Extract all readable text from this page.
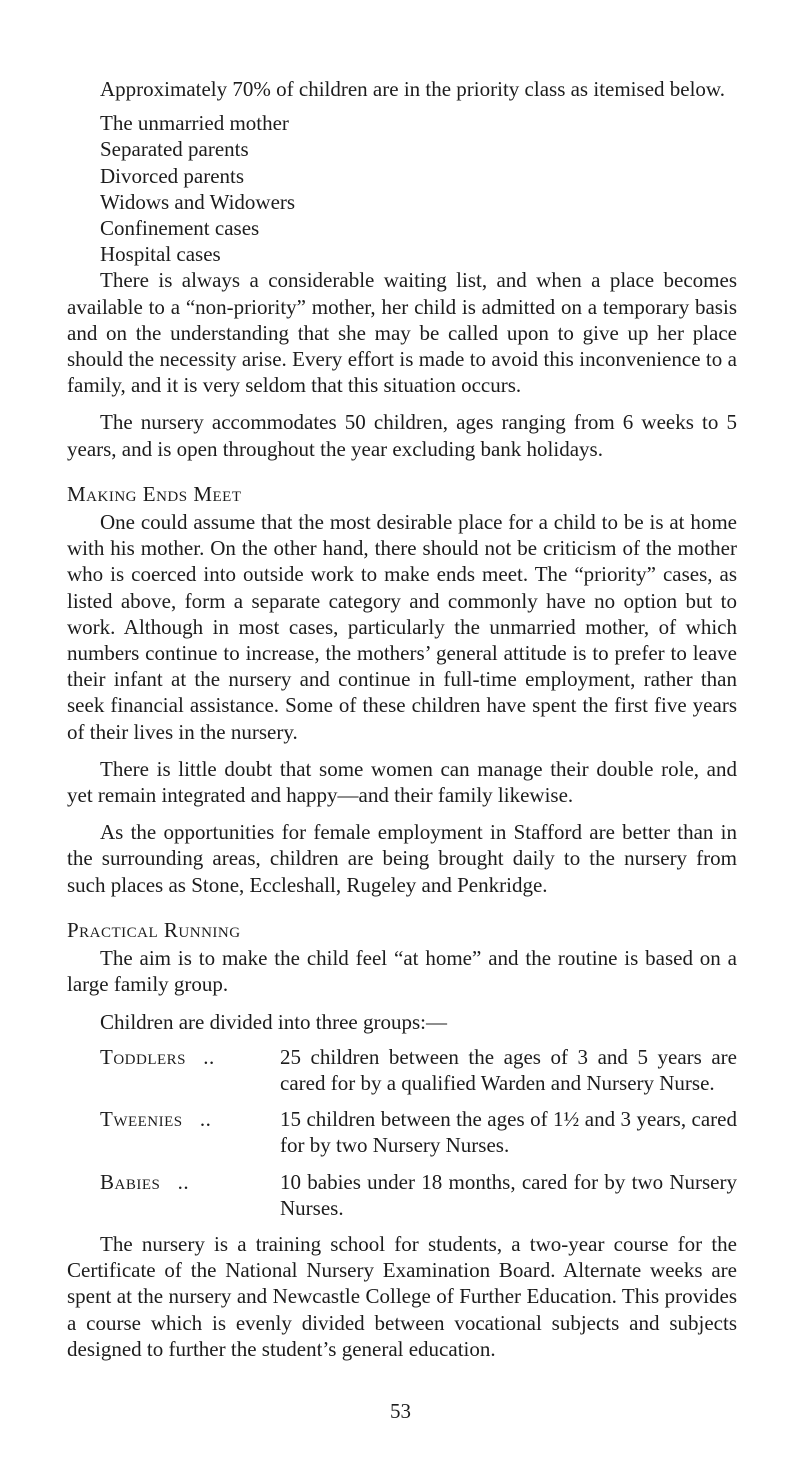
Approximately 70% of children are in the priority class as itemised below.

The unmarried mother
Separated parents
Divorced parents
Widows and Widowers
Confinement cases
Hospital cases

There is always a considerable waiting list, and when a place becomes available to a “non-priority” mother, her child is admitted on a temporary basis and on the understanding that she may be called upon to give up her place should the necessity arise. Every effort is made to avoid this inconvenience to a family, and it is very seldom that this situation occurs.

The nursery accommodates 50 children, ages ranging from 6 weeks to 5 years, and is open throughout the year excluding bank holidays.

Making Ends Meet

One could assume that the most desirable place for a child to be is at home with his mother. On the other hand, there should not be criticism of the mother who is coerced into outside work to make ends meet. The “priority” cases, as listed above, form a separate category and commonly have no option but to work. Although in most cases, particularly the unmarried mother, of which numbers continue to increase, the mothers’ general attitude is to prefer to leave their infant at the nursery and continue in full-time employment, rather than seek financial assistance. Some of these children have spent the first five years of their lives in the nursery.

There is little doubt that some women can manage their double role, and yet remain integrated and happy—and their family likewise.

As the opportunities for female employment in Stafford are better than in the surrounding areas, children are being brought daily to the nursery from such places as Stone, Eccleshall, Rugeley and Penkridge.

Practical Running

The aim is to make the child feel “at home” and the routine is based on a large family group.

Children are divided into three groups:—

Toddlers ..	25 children between the ages of 3 and 5 years are cared for by a qualified Warden and Nursery Nurse.
Tweenies ..	15 children between the ages of 1½ and 3 years, cared for by two Nursery Nurses.
Babies ..	10 babies under 18 months, cared for by two Nursery Nurses.

The nursery is a training school for students, a two-year course for the Certificate of the National Nursery Examination Board. Alternate weeks are spent at the nursery and Newcastle College of Further Education. This provides a course which is evenly divided between vocational subjects and subjects designed to further the student’s general education.

53
